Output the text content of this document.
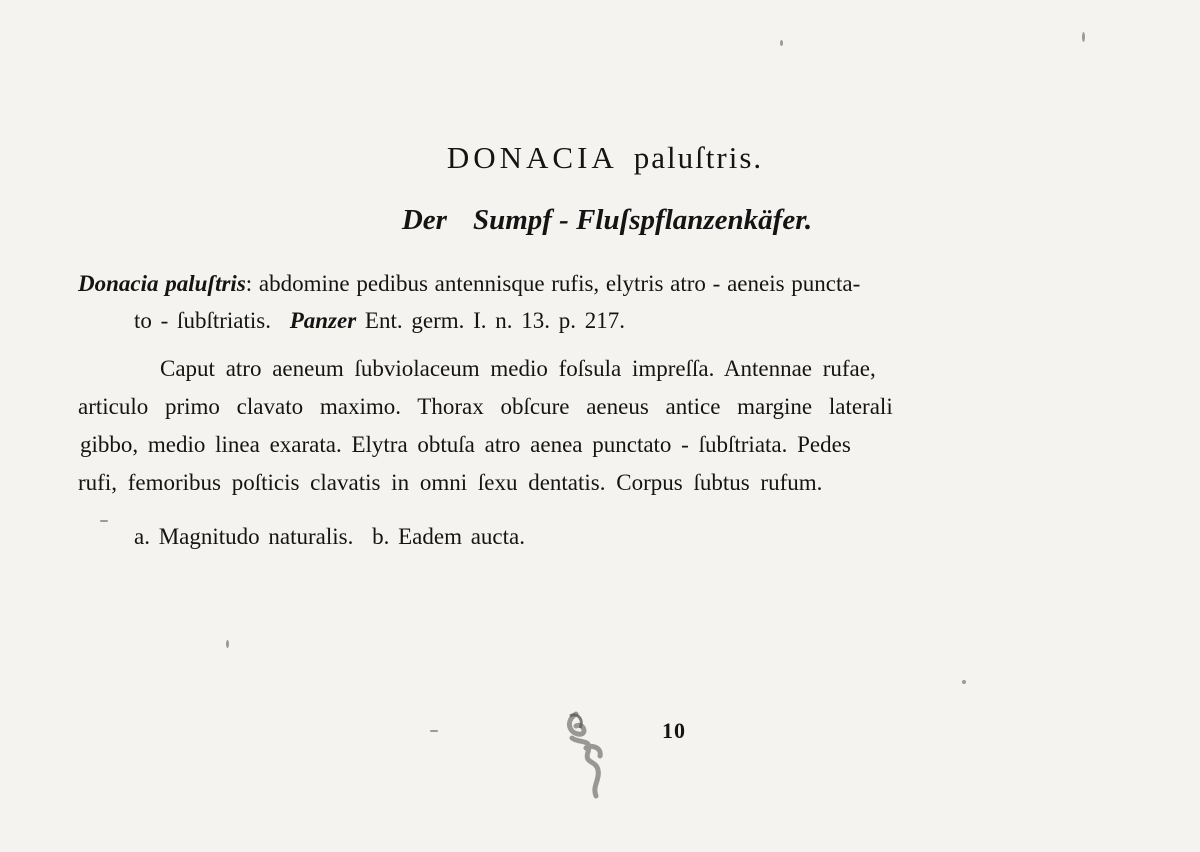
DONACIA paluſtris.
Der Sumpf - Fluſspflanzenkäfer.
Donacia paluſtris: abdomine pedibus antennisque rufis, elytris atro - aeneis puncta-
to - ſubſtriatis. Panzer Ent. germ. I. n. 13. p. 217.
Caput atro aeneum ſubviolaceum medio foſsula impreſſa. Antennae rufae,
articulo primo clavato maximo. Thorax obſcure aeneus antice margine laterali
gibbo, medio linea exarata. Elytra obtuſa atro aenea punctato - ſubſtriata. Pedes
rufi, femoribus poſticis clavatis in omni ſexu dentatis. Corpus ſubtus rufum.
a. Magnitudo naturalis. b. Eadem aucta.
10
